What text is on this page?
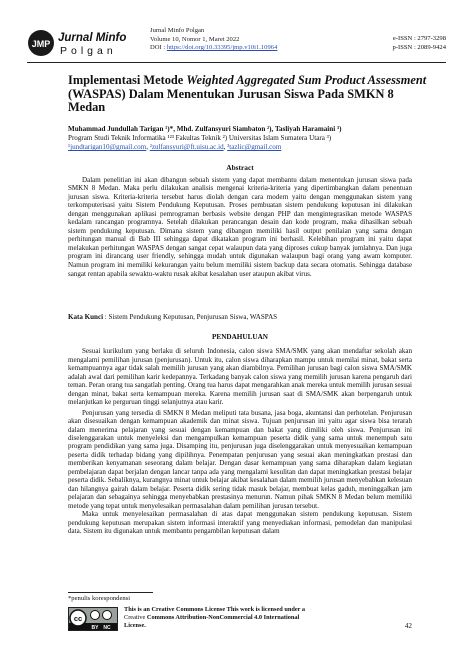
JMP Jurnal Minfo
Polgan
Jurnal Minfo Polgan
Volume 10, Nomor 1, Maret 2022
DOI : https://doi.org/10.33395/jmp.v10i1.10964
e-ISSN : 2797-3298
p-ISSN : 2089-9424
Implementasi Metode Weighted Aggregated Sum Product Assessment (WASPAS) Dalam Menentukan Jurusan Siswa Pada SMKN 8 Medan
Muhammad Jundullah Tarigan ¹)*, Mhd. Zulfansyuri Siambaton ²), Tasliyah Haramaini ³)
Program Studi Teknik Informatika ¹²³ Fakultas Teknik ²) Universitas Islam Sumatera Utara ³)
¹jundtarigan10@gmail.com, ²zulfansyuri@ft.uisu.ac.id, ³tazlic@gmail.com
Abstract
Dalam penelitian ini akan dibangun sebuah sistem yang dapat membantu dalam menentukan jurusan siswa pada SMKN 8 Medan. Maka perlu dilakukan analisis mengenai kriteria-kriteria yang dipertimbangkan dalam penentuan jurusan siswa. Kriteria-kriteria tersebut harus diolah dengan cara modern yaitu dengan menggunakan sistem yang terkomputerisasi yaitu Sistem Pendukung Keputusan. Proses pembuatan sistem pendukung keputusan ini dilakukan dengan menggunakan aplikasi pemrograman berbasis website dengan PHP dan mengintegrasikan metode WASPAS kedalam rancangan programnya. Setelah dilakukan perancangan desain dan kode program, maka dihasilkan sebuah sistem pendukung keputusan. Dimana sistem yang dibangun memiliki hasil output penilaian yang sama dengan perhitungan manual di Bab III sehingga dapat dikatakan program ini berhasil. Kelebihan program ini yaitu dapat melakukan perhitungan WASPAS dengan sangat cepat walaupun data yang diproses cukup banyak jumlahnya. Dan juga program ini dirancang user friendly, sehingga mudah untuk digunakan walaupun bagi orang yang awam komputer. Namun program ini memiliki kekurangan yaitu belum memiliki sistem backup data secara otomatis. Sehingga database sangat rentan apabila sewaktu-waktu rusak akibat kesalahan user ataupun akibat virus.
Kata Kunci : Sistem Pendukung Keputusan, Penjurusan Siswa, WASPAS
PENDAHULUAN

Sesuai kurikulum yang berlaku di seluruh Indonesia, calon siswa SMA/SMK yang akan mendaftar sekolah akan mengalami pemilihan jurusan (penjurusan). Untuk itu, calon siswa diharapkan mampu untuk memilai minat, bakat serta kemampuannya agar tidak salah memilih jurusan yang akan diambilnya. Pemilihan jurusan bagi calon siswa SMA/SMK adalah awal dari pemilihan karir kedepannya. Terkadang banyak calon siswa yang memilih jurusan karena pengaruh dari teman. Peran orang tua sangatlah penting. Orang tua harus dapat mengarahkan anak mereka untuk memilih jurusan sesuai dengan minat, bakat serta kemampuan mereka. Karena memilih jurusan saat di SMA/SMK akan berpengaruh untuk melanjutkan ke perguruan tinggi selanjutnya atau karir.

Penjurusan yang tersedia di SMKN 8 Medan meliputi tata busana, jasa boga, akuntansi dan perhotelan. Penjurusan akan disesuaikan dengan kemampuan akademik dan minat siswa. Tujuan penjurusan ini yaitu agar siswa bisa terarah dalam menerima pelajaran yang sesuai dengan kemampuan dan bakat yang dimiliki oleh siswa. Penjurusan ini diselenggarakan untuk menyeleksi dan mengampulkan kemampuan peserta didik yang sama untuk menempuh satu program pendidikan yang sama juga. Disamping itu, penjurusan juga diselenggarakan untuk menyesuaikan kemampuan peserta didik terhadap bidang yang dipilihnya. Penempatan penjurusan yang sesuai akan meningkatkan prestasi dan memberikan kenyamanan seseorang dalam belajar. Dengan dasar kemampuan yang sama diharapkan dalam kegiatan pembelajaran dapat berjalan dengan lancar tanpa ada yang mengalami kesulitan dan dapat meningkatkan prestasi belajar peserta didik. Sebaliknya, kurangnya minat untuk belajar akibat kesalahan dalam memilih jurusan menyebabkan kelesuan dan hilangnya gairah dalam belajar. Peserta didik sering tidak masuk belajar, membuat kelas gaduh, meninggalkan jam pelajaran dan sebagainya sehingga menyebabkan prestasinya menurun. Namun pihak SMKN 8 Medan belum memiliki metode yang tepat untuk menyelesaikan permasalahan dalam pemilihan jurusan tersebut.

Maka untuk menyelesaikan permasalahan di atas dapat menggunakan sistem pendukung keputusan. Sistem pendukung keputusan merupakan sistem informasi interaktif yang menyediakan informasi, pemodelan dan manipulasi data. Sistem itu digunakan untuk membantu pengambilan keputusan dalam

*penulis korespondensi
cc
BY NC
This is an Creative Commons License This work is licensed under a
Creative Commons Attribution-NonCommercial 4.0 International
License.	42
